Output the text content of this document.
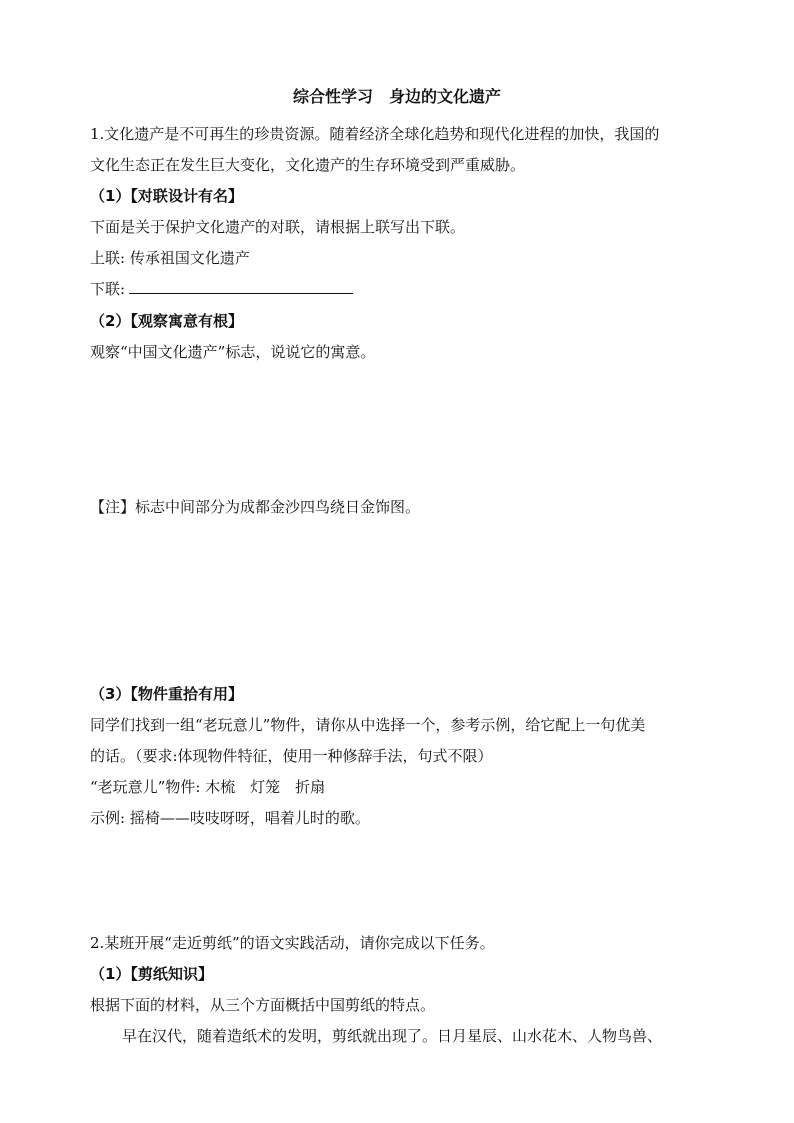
综合性学习　身边的文化遗产
1.文化遗产是不可再生的珍贵资源。随着经济全球化趋势和现代化进程的加快，我国的
文化生态正在发生巨大变化，文化遗产的生存环境受到严重威胁。
（1）【对联设计有名】
下面是关于保护文化遗产的对联，请根据上联写出下联。
上联: 传承祖国文化遗产
下联:
（2）【观察寓意有根】
观察“中国文化遗产”标志，说说它的寓意。
【注】标志中间部分为成都金沙四鸟绕日金饰图。
（3）【物件重拾有用】
同学们找到一组“老玩意儿”物件，请你从中选择一个，参考示例，给它配上一句优美
的话。（要求:体现物件特征，使用一种修辞手法，句式不限）
“老玩意儿”物件: 木梳　灯笼　折扇
示例: 摇椅——吱吱呀呀，唱着儿时的歌。
2.某班开展“走近剪纸”的语文实践活动，请你完成以下任务。
（1）【剪纸知识】
根据下面的材料，从三个方面概括中国剪纸的特点。
早在汉代，随着造纸术的发明，剪纸就出现了。日月星辰、山水花木、人物鸟兽、
